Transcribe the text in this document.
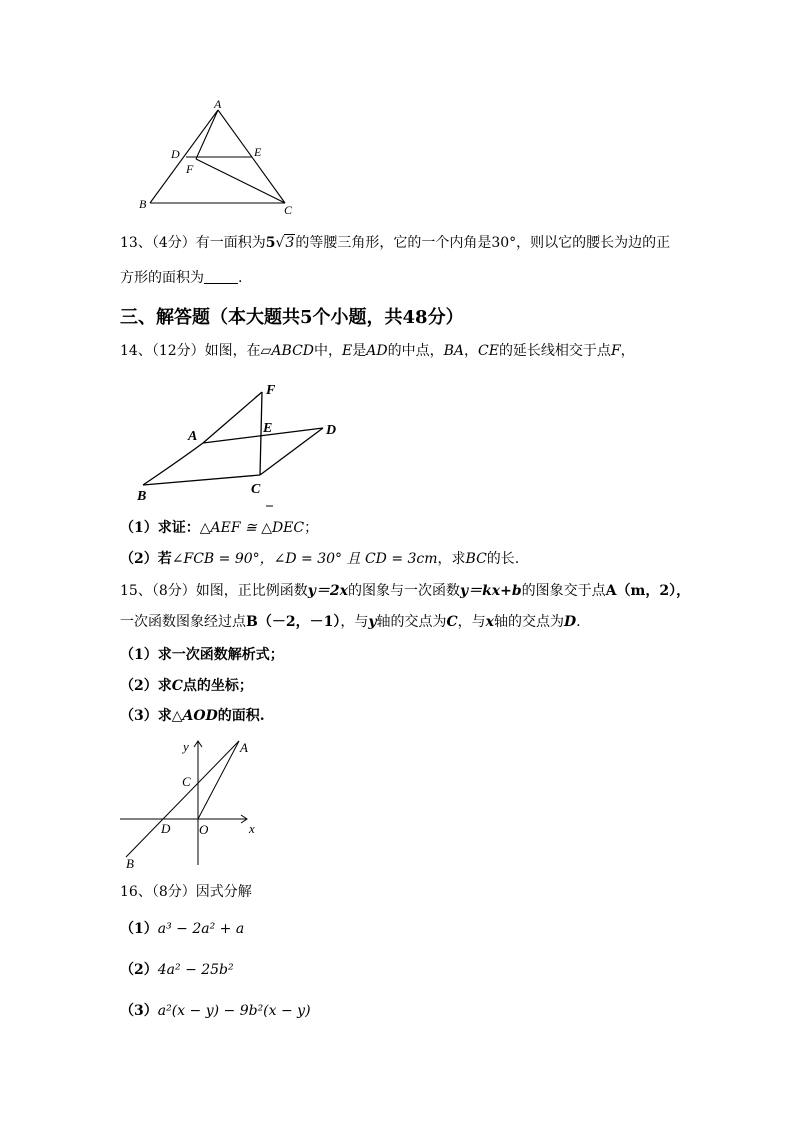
A
D	E
F
B	C
13、（4分）有一面积为5√3的等腰三角形，它的一个内角是30°，则以它的腰长为边的正
方形的面积为 .
三、解答题（本大题共5个小题，共48分）
14、（12分）如图，在▱ABCD中，E是AD的中点，BA，CE的延长线相交于点F，
F
A
E	D
B	C
（1）求证：△AEF ≅ △DEC；
（2）若∠FCB = 90°，∠D = 30° 且 CD = 3cm，求BC的长.
15、（8分）如图，正比例函数y＝2x的图象与一次函数y＝kx+b的图象交于点A（m，2），
一次函数图象经过点B（－2，－1），与y轴的交点为C，与x轴的交点为D.
（1）求一次函数解析式；
（2）求C点的坐标；
（3）求△AOD的面积.
y	A
C
D O	x
B
16、（8分）因式分解
（1）a³ − 2a² + a
（2）4a² − 25b²
（3）a²(x − y) − 9b²(x − y)
